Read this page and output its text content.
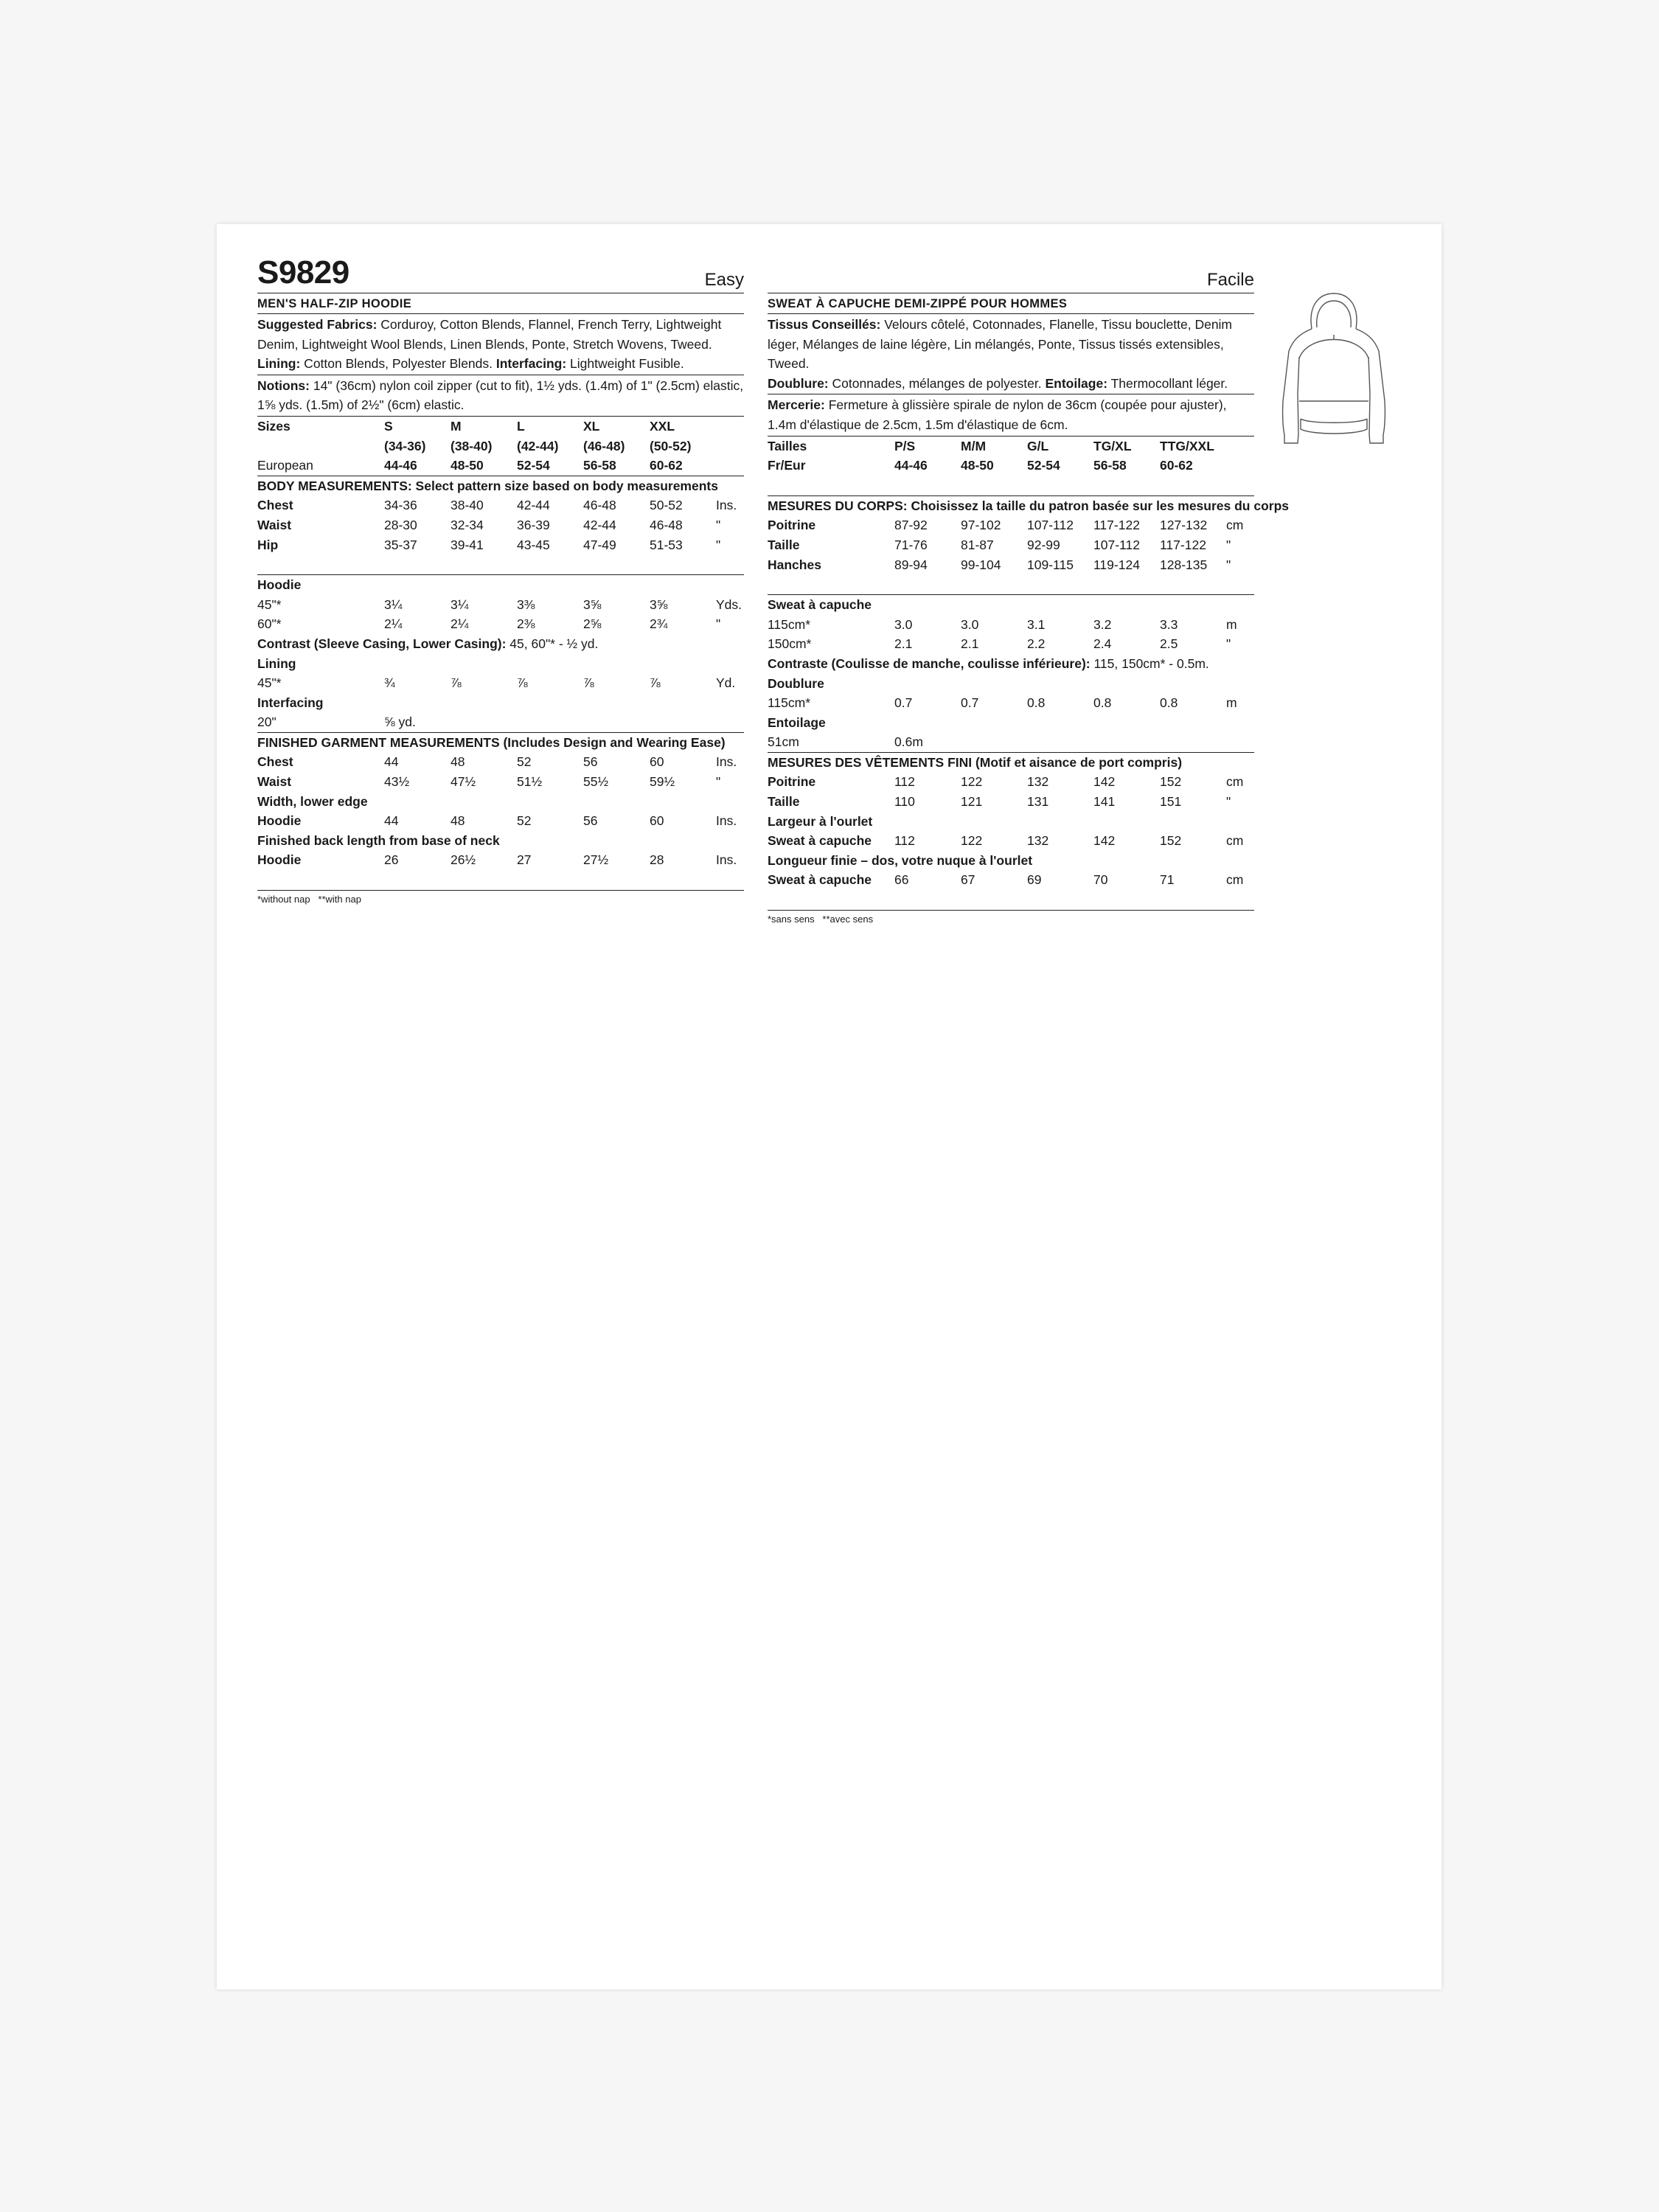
S9829	Easy
MEN'S HALF-ZIP HOODIE
Suggested Fabrics: Corduroy, Cotton Blends, Flannel, French Terry, Lightweight Denim, Lightweight Wool Blends, Linen Blends, Ponte, Stretch Wovens, Tweed. Lining: Cotton Blends, Polyester Blends. Interfacing: Lightweight Fusible.
Notions: 14" (36cm) nylon coil zipper (cut to fit), 1½ yds. (1.4m) of 1" (2.5cm) elastic, 1⅝ yds. (1.5m) of 2½" (6cm) elastic.
Sizes	S	M	L	XL	XXL
(34-36)	(38-40)	(42-44)	(46-48)	(50-52)
European	44-46	48-50	52-54	56-58	60-62
BODY MEASUREMENTS: Select pattern size based on body measurements
Chest	34-36	38-40	42-44	46-48	50-52	Ins.
Waist	28-30	32-34	36-39	42-44	46-48	"
Hip	35-37	39-41	43-45	47-49	51-53	"
Hoodie
45"*	3¼	3¼	3⅜	3⅝	3⅝	Yds.
60"*	2¼	2¼	2⅜	2⅝	2¾	"
Contrast (Sleeve Casing, Lower Casing): 45, 60"* - ½ yd.
Lining
45"*	¾	⅞	⅞	⅞	⅞	Yd.
Interfacing
20"	⅝ yd.
FINISHED GARMENT MEASUREMENTS (Includes Design and Wearing Ease)
Chest	44	48	52	56	60	Ins.
Waist	43½	47½	51½	55½	59½	"
Width, lower edge
Hoodie	44	48	52	56	60	Ins.
Finished back length from base of neck
Hoodie	26	26½	27	27½	28	Ins.
*without nap   **with nap
Facile
SWEAT À CAPUCHE DEMI-ZIPPÉ POUR HOMMES
Tissus Conseillés: Velours côtelé, Cotonnades, Flanelle, Tissu bouclette, Denim léger, Mélanges de laine légère, Lin mélangés, Ponte, Tissus tissés extensibles, Tweed.
Doublure: Cotonnades, mélanges de polyester. Entoilage: Thermocollant léger.
Mercerie: Fermeture à glissière spirale de nylon de 36cm (coupée pour ajuster), 1.4m d'élastique de 2.5cm, 1.5m d'élastique de 6cm.
Tailles	P/S	M/M	G/L	TG/XL	TTG/XXL
Fr/Eur	44-46	48-50	52-54	56-58	60-62
MESURES DU CORPS: Choisissez la taille du patron basée sur les mesures du corps
Poitrine	87-92	97-102	107-112	117-122	127-132	cm
Taille	71-76	81-87	92-99	107-112	117-122	"
Hanches	89-94	99-104	109-115	119-124	128-135	"
Sweat à capuche
115cm*	3.0	3.0	3.1	3.2	3.3	m
150cm*	2.1	2.1	2.2	2.4	2.5	"
Contraste (Coulisse de manche, coulisse inférieure): 115, 150cm* - 0.5m.
Doublure
115cm*	0.7	0.7	0.8	0.8	0.8	m
Entoilage
51cm	0.6m
MESURES DES VÊTEMENTS FINI (Motif et aisance de port compris)
Poitrine	112	122	132	142	152	cm
Taille	110	121	131	141	151	"
Largeur à l'ourlet
Sweat à capuche	112	122	132	142	152	cm
Longueur finie – dos, votre nuque à l'ourlet
Sweat à capuche	66	67	69	70	71	cm
*sans sens   **avec sens
